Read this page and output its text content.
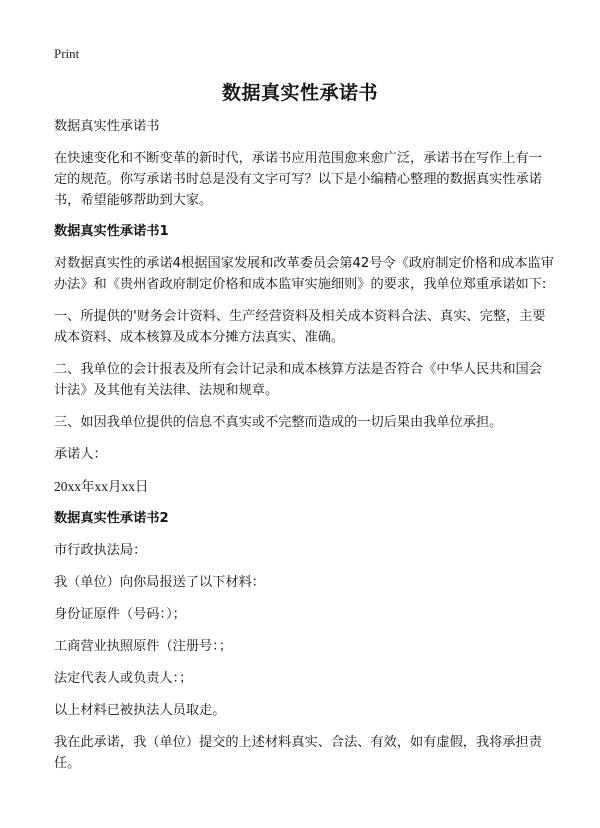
Print
数据真实性承诺书

数据真实性承诺书

在快速变化和不断变革的新时代，承诺书应用范围愈来愈广泛，承诺书在写作上有一定的规范。你写承诺书时总是没有文字可写？以下是小编精心整理的数据真实性承诺书，希望能够帮助到大家。

数据真实性承诺书1

对数据真实性的承诺4根据国家发展和改革委员会第42号令《政府制定价格和成本监审办法》和《贵州省政府制定价格和成本监审实施细则》的要求，我单位郑重承诺如下:

一、所提供的'财务会计资料、生产经营资料及相关成本资料合法、真实、完整，主要成本资料、成本核算及成本分摊方法真实、准确。

二、我单位的会计报表及所有会计记录和成本核算方法是否符合《中华人民共和国会计法》及其他有关法律、法规和规章。

三、如因我单位提供的信息不真实或不完整而造成的一切后果由我单位承担。

承诺人：

20xx年xx月xx日

数据真实性承诺书2

市行政执法局：

我（单位）向你局报送了以下材料：

身份证原件（号码：）；

工商营业执照原件（注册号：；

法定代表人或负责人：；

以上材料已被执法人员取走。

我在此承诺，我（单位）提交的上述材料真实、合法、有效，如有虚假，我将承担责任。
